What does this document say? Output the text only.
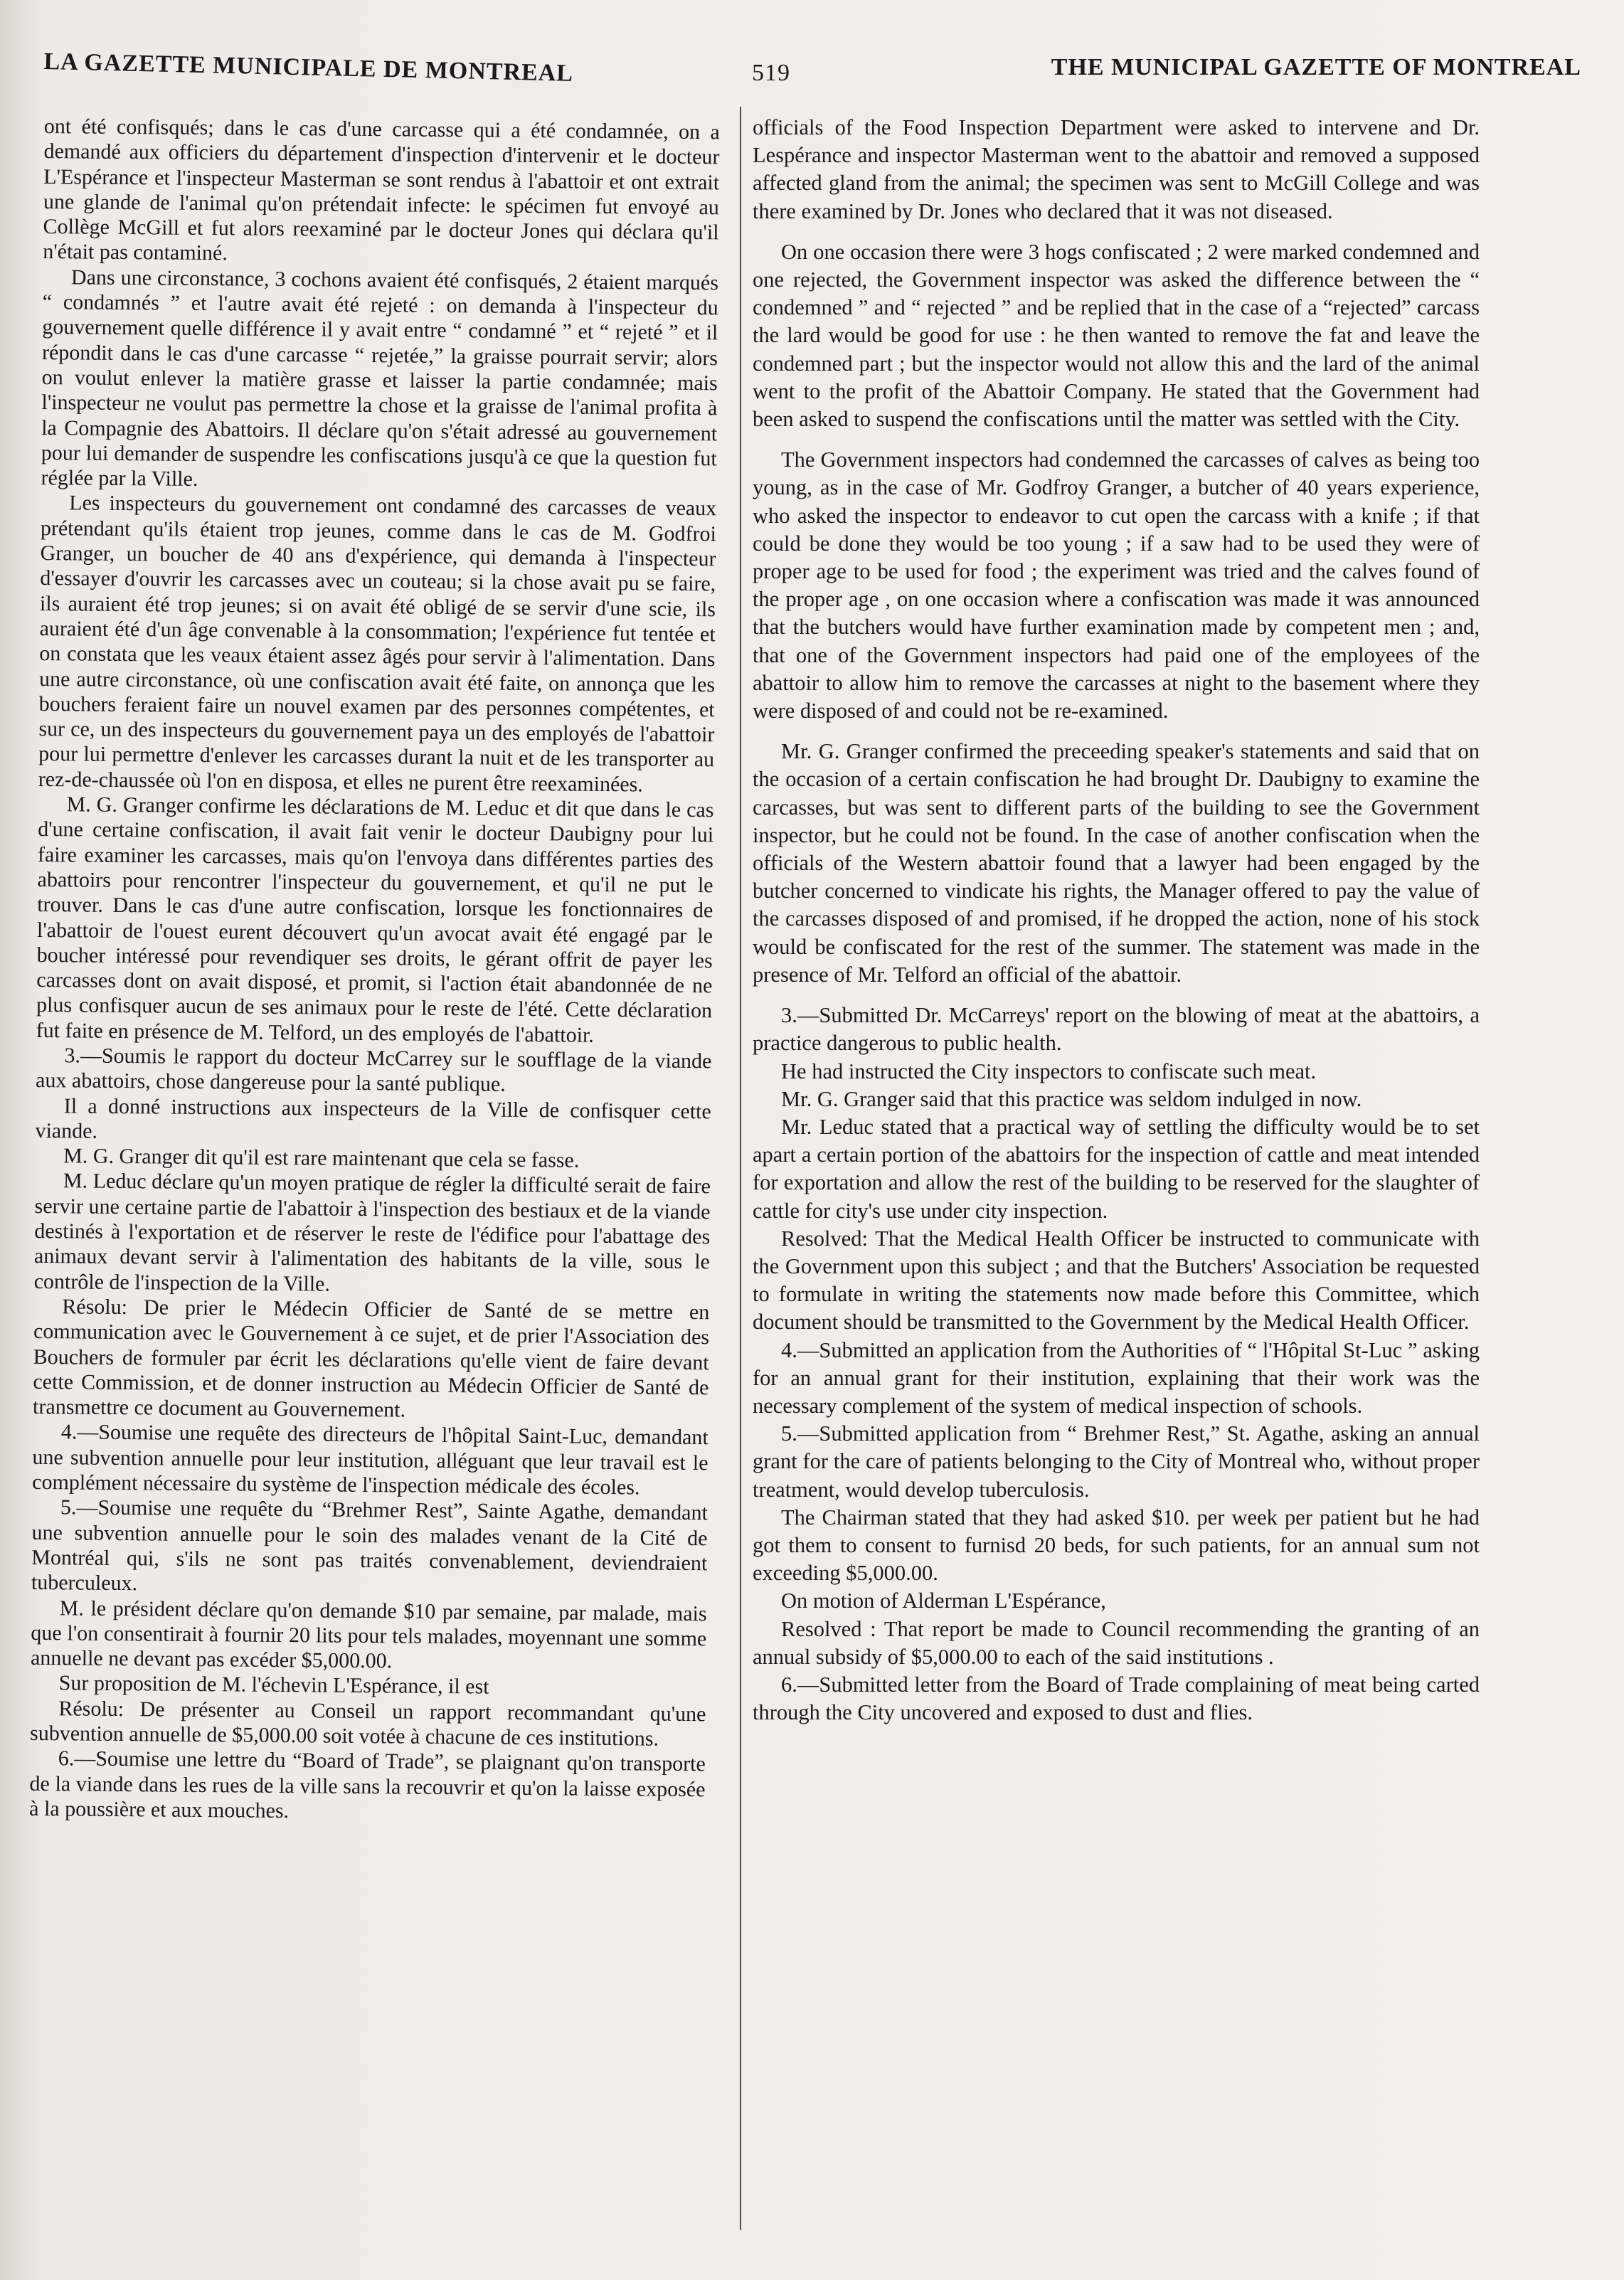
LA GAZETTE MUNICIPALE DE MONTREAL	519	THE MUNICIPAL GAZETTE OF MONTREAL

ont été confisqués; dans le cas d'une carcasse qui a été condamnée, on a demandé aux officiers du département d'inspection d'intervenir et le docteur L'Espérance et l'inspecteur Masterman se sont rendus à l'abattoir et ont extrait une glande de l'animal qu'on prétendait infecte: le spécimen fut envoyé au Collège McGill et fut alors reexaminé par le docteur Jones qui déclara qu'il n'était pas contaminé.

Dans une circonstance, 3 cochons avaient été confisqués, 2 étaient marqués “ condamnés ” et l'autre avait été rejeté : on demanda à l'inspecteur du gouvernement quelle différence il y avait entre “ condamné ” et “ rejeté ” et il répondit dans le cas d'une carcasse “ rejetée,” la graisse pourrait servir; alors on voulut enlever la matière grasse et laisser la partie condamnée; mais l'inspecteur ne voulut pas permettre la chose et la graisse de l'animal profita à la Compagnie des Abattoirs. Il déclare qu'on s'était adressé au gouvernement pour lui demander de suspendre les confiscations jusqu'à ce que la question fut réglée par la Ville.

Les inspecteurs du gouvernement ont condamné des carcasses de veaux prétendant qu'ils étaient trop jeunes, comme dans le cas de M. Godfroi Granger, un boucher de 40 ans d'expérience, qui demanda à l'inspecteur d'essayer d'ouvrir les carcasses avec un couteau; si la chose avait pu se faire, ils auraient été trop jeunes; si on avait été obligé de se servir d'une scie, ils auraient été d'un âge convenable à la consommation; l'expérience fut tentée et on constata que les veaux étaient assez âgés pour servir à l'alimentation. Dans une autre circonstance, où une confiscation avait été faite, on annonça que les bouchers feraient faire un nouvel examen par des personnes compétentes, et sur ce, un des inspecteurs du gouvernement paya un des employés de l'abattoir pour lui permettre d'enlever les carcasses durant la nuit et de les transporter au rez-de-chaussée où l'on en disposa, et elles ne purent être reexaminées.

M. G. Granger confirme les déclarations de M. Leduc et dit que dans le cas d'une certaine confiscation, il avait fait venir le docteur Daubigny pour lui faire examiner les carcasses, mais qu'on l'envoya dans différentes parties des abattoirs pour rencontrer l'inspecteur du gouvernement, et qu'il ne put le trouver. Dans le cas d'une autre confiscation, lorsque les fonctionnaires de l'abattoir de l'ouest eurent découvert qu'un avocat avait été engagé par le boucher intéressé pour revendiquer ses droits, le gérant offrit de payer les carcasses dont on avait disposé, et promit, si l'action était abandonnée de ne plus confisquer aucun de ses animaux pour le reste de l'été. Cette déclaration fut faite en présence de M. Telford, un des employés de l'abattoir.

3.—Soumis le rapport du docteur McCarrey sur le soufflage de la viande aux abattoirs, chose dangereuse pour la santé publique.

Il a donné instructions aux inspecteurs de la Ville de confisquer cette viande.

M. G. Granger dit qu'il est rare maintenant que cela se fasse.

M. Leduc déclare qu'un moyen pratique de régler la difficulté serait de faire servir une certaine partie de l'abattoir à l'inspection des bestiaux et de la viande destinés à l'exportation et de réserver le reste de l'édifice pour l'abattage des animaux devant servir à l'alimentation des habitants de la ville, sous le contrôle de l'inspection de la Ville.

Résolu: De prier le Médecin Officier de Santé de se mettre en communication avec le Gouvernement à ce sujet, et de prier l'Association des Bouchers de formuler par écrit les déclarations qu'elle vient de faire devant cette Commission, et de donner instruction au Médecin Officier de Santé de transmettre ce document au Gouvernement.

4.—Soumise une requête des directeurs de l'hôpital Saint-Luc, demandant une subvention annuelle pour leur institution, alléguant que leur travail est le complément nécessaire du système de l'inspection médicale des écoles.

5.—Soumise une requête du “Brehmer Rest”, Sainte Agathe, demandant une subvention annuelle pour le soin des malades venant de la Cité de Montréal qui, s'ils ne sont pas traités convenablement, deviendraient tuberculeux.

M. le président déclare qu'on demande $10 par semaine, par malade, mais que l'on consentirait à fournir 20 lits pour tels malades, moyennant une somme annuelle ne devant pas excéder $5,000.00.

Sur proposition de M. l'échevin L'Espérance, il est

Résolu: De présenter au Conseil un rapport recommandant qu'une subvention annuelle de $5,000.00 soit votée à chacune de ces institutions.

6.—Soumise une lettre du “Board of Trade”, se plaignant qu'on transporte de la viande dans les rues de la ville sans la recouvrir et qu'on la laisse exposée à la poussière et aux mouches.

officials of the Food Inspection Department were asked to intervene and Dr. Lespérance and inspector Masterman went to the abattoir and removed a supposed affected gland from the animal; the specimen was sent to McGill College and was there examined by Dr. Jones who declared that it was not diseased.

On one occasion there were 3 hogs confiscated ; 2 were marked condemned and one rejected, the Government inspector was asked the difference between the “ condemned ” and “ rejected ” and be replied that in the case of a “rejected” carcass the lard would be good for use : he then wanted to remove the fat and leave the condemned part ; but the inspector would not allow this and the lard of the animal went to the profit of the Abattoir Company. He stated that the Government had been asked to suspend the confiscations until the matter was settled with the City.

The Government inspectors had condemned the carcasses of calves as being too young, as in the case of Mr. Godfroy Granger, a butcher of 40 years experience, who asked the inspector to endeavor to cut open the carcass with a knife ; if that could be done they would be too young ; if a saw had to be used they were of proper age to be used for food ; the experiment was tried and the calves found of the proper age , on one occasion where a confiscation was made it was announced that the butchers would have further examination made by competent men ; and, that one of the Government inspectors had paid one of the employees of the abattoir to allow him to remove the carcasses at night to the basement where they were disposed of and could not be re-examined.

Mr. G. Granger confirmed the preceeding speaker's statements and said that on the occasion of a certain confiscation he had brought Dr. Daubigny to examine the carcasses, but was sent to different parts of the building to see the Government inspector, but he could not be found. In the case of another confiscation when the officials of the Western abattoir found that a lawyer had been engaged by the butcher concerned to vindicate his rights, the Manager offered to pay the value of the carcasses disposed of and promised, if he dropped the action, none of his stock would be confiscated for the rest of the summer. The statement was made in the presence of Mr. Telford an official of the abattoir.

3.—Submitted Dr. McCarreys' report on the blowing of meat at the abattoirs, a practice dangerous to public health.

He had instructed the City inspectors to confiscate such meat.

Mr. G. Granger said that this practice was seldom indulged in now.

Mr. Leduc stated that a practical way of settling the difficulty would be to set apart a certain portion of the abattoirs for the inspection of cattle and meat intended for exportation and allow the rest of the building to be reserved for the slaughter of cattle for city's use under city inspection.

Resolved: That the Medical Health Officer be instructed to communicate with the Government upon this subject ; and that the Butchers' Association be requested to formulate in writing the statements now made before this Committee, which document should be transmitted to the Government by the Medical Health Officer.

4.—Submitted an application from the Authorities of “ l'Hôpital St-Luc ” asking for an annual grant for their institution, explaining that their work was the necessary complement of the system of medical inspection of schools.

5.—Submitted application from “ Brehmer Rest,” St. Agathe, asking an annual grant for the care of patients belonging to the City of Montreal who, without proper treatment, would develop tuberculosis.

The Chairman stated that they had asked $10. per week per patient but he had got them to consent to furnisd 20 beds, for such patients, for an annual sum not exceeding $5,000.00.

On motion of Alderman L'Espérance,

Resolved : That report be made to Council recommending the granting of an annual subsidy of $5,000.00 to each of the said institutions .

6.—Submitted letter from the Board of Trade complaining of meat being carted through the City uncovered and exposed to dust and flies.
